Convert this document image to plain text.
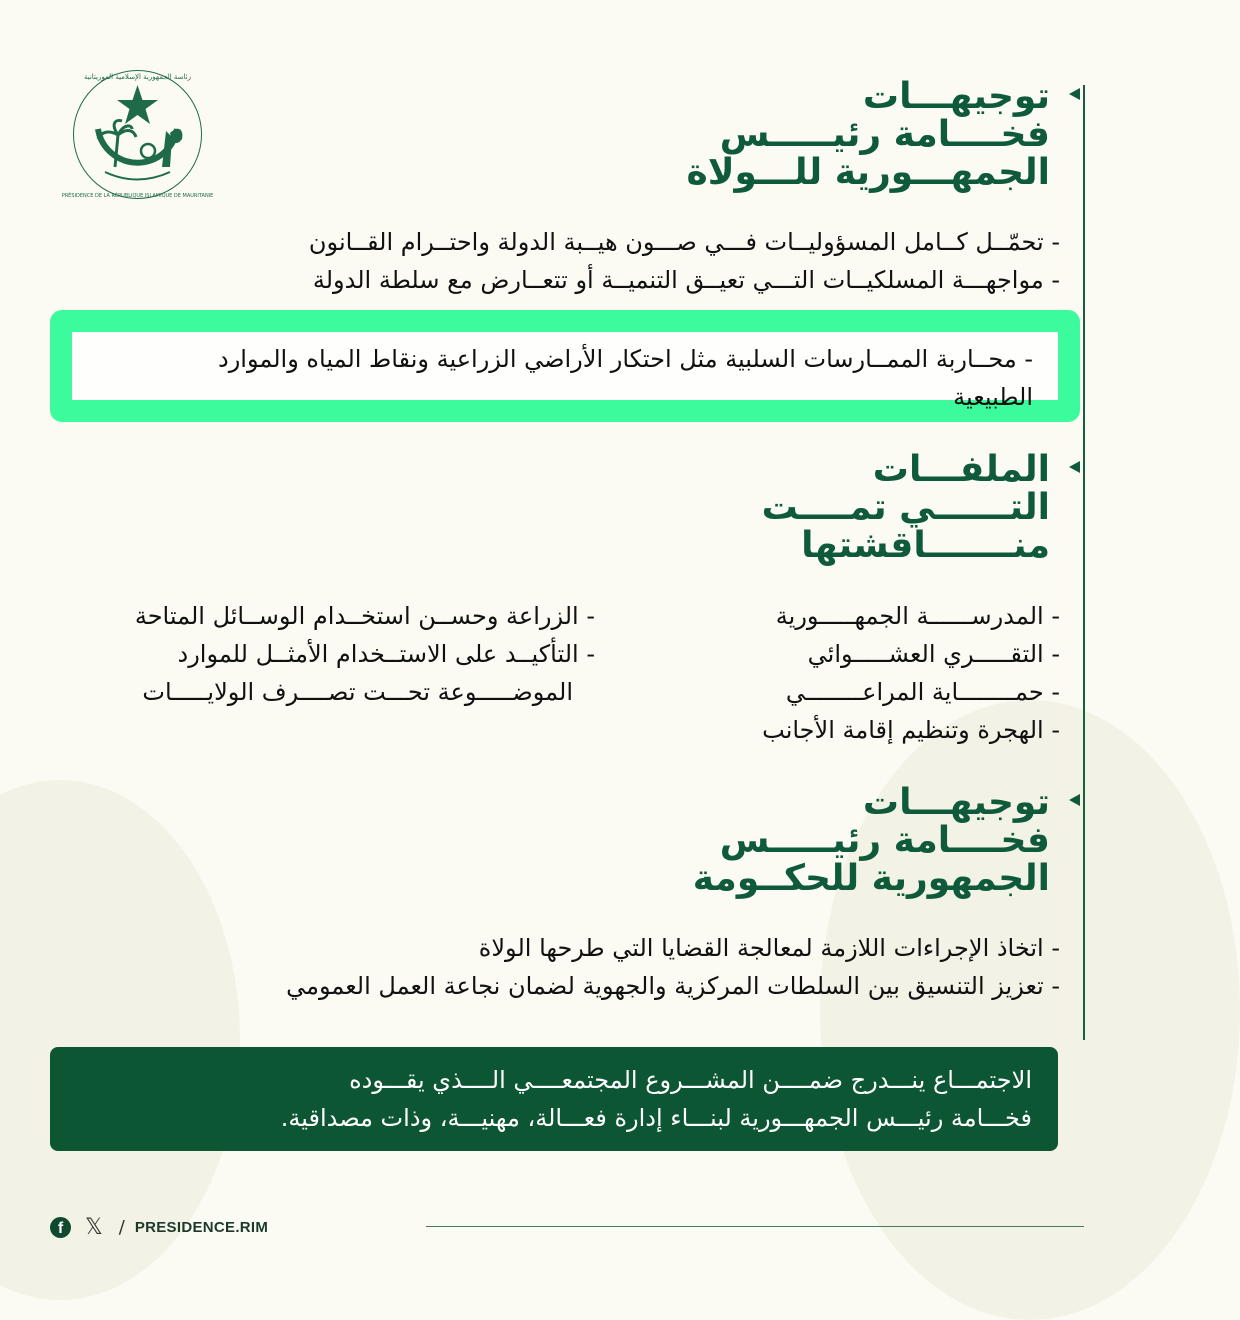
رئاسة الجمهورية الإسلامية الموريتانية
PRÉSIDENCE DE LA RÉPUBLIQUE ISLAMIQUE DE MAURITANIE
توجيهـــات
فخــــامة رئيـــــس
الجمهـــورية للـــولاة
- تحمّــل كــامل المسؤوليــات فـــي صـــون هيــبة الدولة واحتــرام القــانون
- مواجهـــة المسلكيــات التـــي تعيــق التنميــة أو تتعــارض مع سلطة الدولة
- محــاربة الممــارسات السلبية مثل احتكار الأراضي الزراعية ونقاط المياه والموارد
الطبيعية
الملفـــات
التــــــي تمــــت
منـــــــاقشتها
- المدرســــــة الجمهـــــورية
- التقـــــري العشـــــوائي
- حمــــــــاية المراعــــــــي
- الهجرة وتنظيم إقامة الأجانب
- الزراعة وحســن استخــدام الوســائل المتاحة
- التأكيــد على الاستــخدام الأمثــل للموارد
الموضـــــوعة تحـــت تصــــرف الولايـــــات
توجيهـــات
فخــــامة رئيـــــس
الجمهورية للحكــومة
- اتخاذ الإجراءات اللازمة لمعالجة القضايا التي طرحها الولاة
- تعزيز التنسيق بين السلطات المركزية والجهوية لضمان نجاعة العمل العمومي
الاجتمـــاع ينـــدرج ضمــــن المشـــروع المجتمعــــي الــــذي يقـــوده
فخـــامة رئيـــس الجمهـــورية لبنـــاء إدارة فعـــالة، مهنيـــة، وذات مصداقية.
f 𝕏 / PRESIDENCE.RIM
